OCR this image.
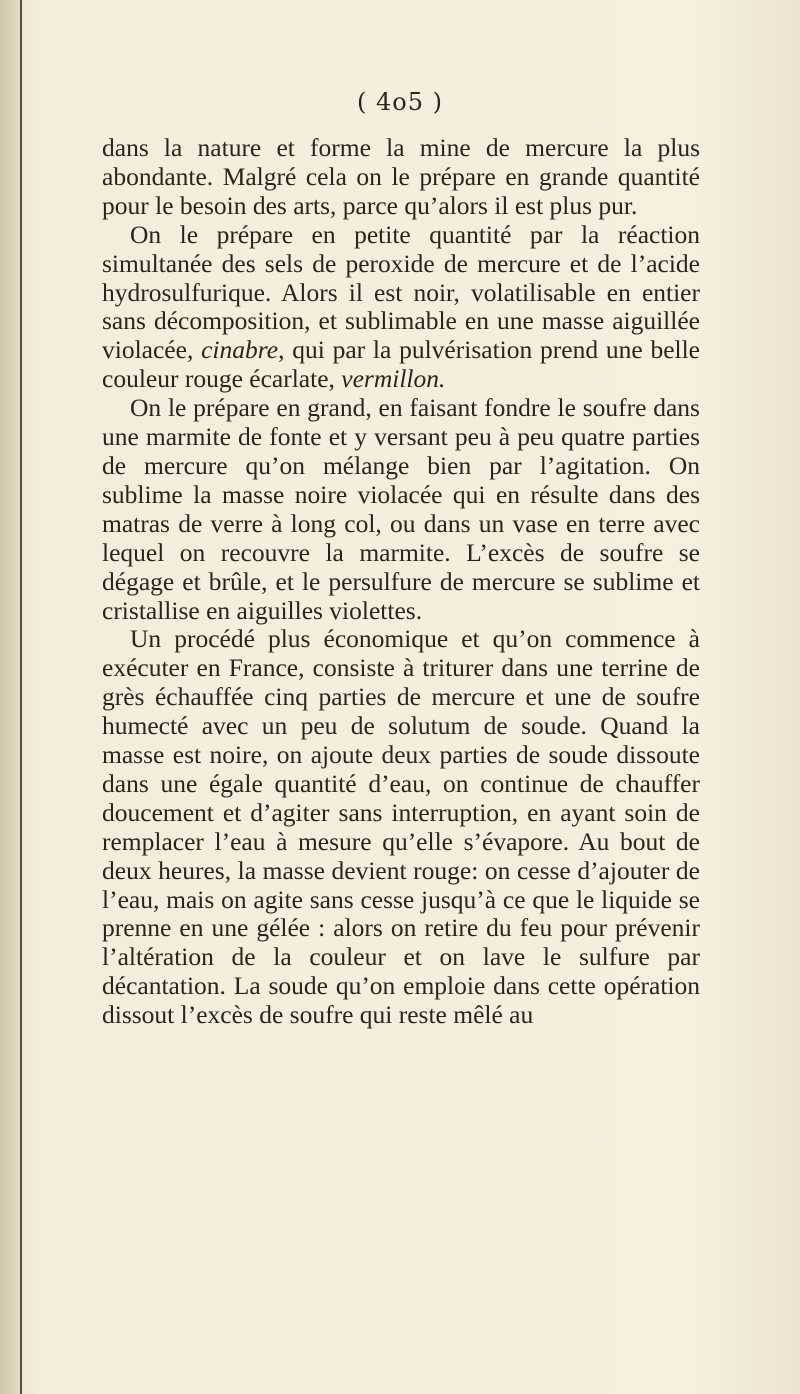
( 4o5 )

dans la nature et forme la mine de mercure la plus abondante. Malgré cela on le prépare en grande quantité pour le besoin des arts, parce qu’alors il est plus pur.

On le prépare en petite quantité par la réaction simultanée des sels de peroxide de mercure et de l’acide hydrosulfurique. Alors il est noir, volatilisable en entier sans décomposition, et sublimable en une masse aiguillée violacée, cinabre, qui par la pulvérisation prend une belle couleur rouge écarlate, vermillon.

On le prépare en grand, en faisant fondre le soufre dans une marmite de fonte et y versant peu à peu quatre parties de mercure qu’on mélange bien par l’agitation. On sublime la masse noire violacée qui en résulte dans des matras de verre à long col, ou dans un vase en terre avec lequel on recouvre la marmite. L’excès de soufre se dégage et brûle, et le persulfure de mercure se sublime et cristallise en aiguilles violettes.

Un procédé plus économique et qu’on commence à exécuter en France, consiste à triturer dans une terrine de grès échauffée cinq parties de mercure et une de soufre humecté avec un peu de solutum de soude. Quand la masse est noire, on ajoute deux parties de soude dissoute dans une égale quantité d’eau, on continue de chauffer doucement et d’agiter sans interruption, en ayant soin de remplacer l’eau à mesure qu’elle s’évapore. Au bout de deux heures, la masse devient rouge: on cesse d’ajouter de l’eau, mais on agite sans cesse jusqu’à ce que le liquide se prenne en une gélée : alors on retire du feu pour prévenir l’altération de la couleur et on lave le sulfure par décantation. La soude qu’on emploie dans cette opération dissout l’excès de soufre qui reste mêlé au
